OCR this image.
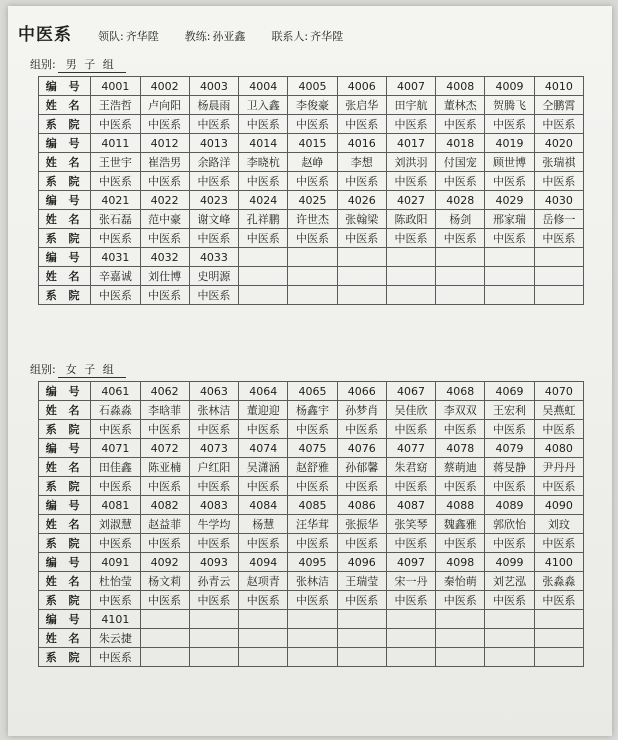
中医系 领队: 齐华陞 教练: 孙亚鑫 联系人: 齐华陞
组别: 男 子 组
编 号	4001	4002	4003	4004	4005	4006	4007	4008	4009	4010
姓 名	王浩哲	卢向阳	杨晨雨	卫入鑫	李俊豪	张启华	田宇航	董林杰	贺腾飞	仝鹏霄
系 院	中医系	中医系	中医系	中医系	中医系	中医系	中医系	中医系	中医系	中医系
编 号	4011	4012	4013	4014	4015	4016	4017	4018	4019	4020
姓 名	王世宇	崔浩男	余路洋	李晓杭	赵峥	李想	刘洪羽	付国宠	顾世博	张瑞祺
系 院	中医系	中医系	中医系	中医系	中医系	中医系	中医系	中医系	中医系	中医系
编 号	4021	4022	4023	4024	4025	4026	4027	4028	4029	4030
姓 名	张石磊	范中豪	谢文峰	孔祥鹏	许世杰	张翰梁	陈政阳	杨剑	邢家瑞	岳修一
系 院	中医系	中医系	中医系	中医系	中医系	中医系	中医系	中医系	中医系	中医系
编 号	4031	4032	4033							
姓 名	辛嘉诚	刘仕博	史明源							
系 院	中医系	中医系	中医系							
组别: 女 子 组
编 号	4061	4062	4063	4064	4065	4066	4067	4068	4069	4070
姓 名	石淼淼	李晗菲	张林洁	董迎迎	杨鑫宇	孙梦肖	吴佳欣	李双双	王宏利	吴燕虹
系 院	中医系	中医系	中医系	中医系	中医系	中医系	中医系	中医系	中医系	中医系
编 号	4071	4072	4073	4074	4075	4076	4077	4078	4079	4080
姓 名	田佳鑫	陈亚楠	户红阳	吴潇涵	赵舒雅	孙郁馨	朱君窈	蔡萌迪	蒋旻静	尹丹丹
系 院	中医系	中医系	中医系	中医系	中医系	中医系	中医系	中医系	中医系	中医系
编 号	4081	4082	4083	4084	4085	4086	4087	4088	4089	4090
姓 名	刘淑慧	赵益菲	牛学均	杨慧	汪华茸	张振华	张笑琴	魏鑫雅	郭欣怡	刘玟
系 院	中医系	中医系	中医系	中医系	中医系	中医系	中医系	中医系	中医系	中医系
编 号	4091	4092	4093	4094	4095	4096	4097	4098	4099	4100
姓 名	杜怡莹	杨文莉	孙青云	赵项青	张林洁	王瑞莹	宋一丹	秦怡萌	刘艺泓	张淼淼
系 院	中医系	中医系	中医系	中医系	中医系	中医系	中医系	中医系	中医系	中医系
编 号	4101									
姓 名	朱云捷									
系 院	中医系									
